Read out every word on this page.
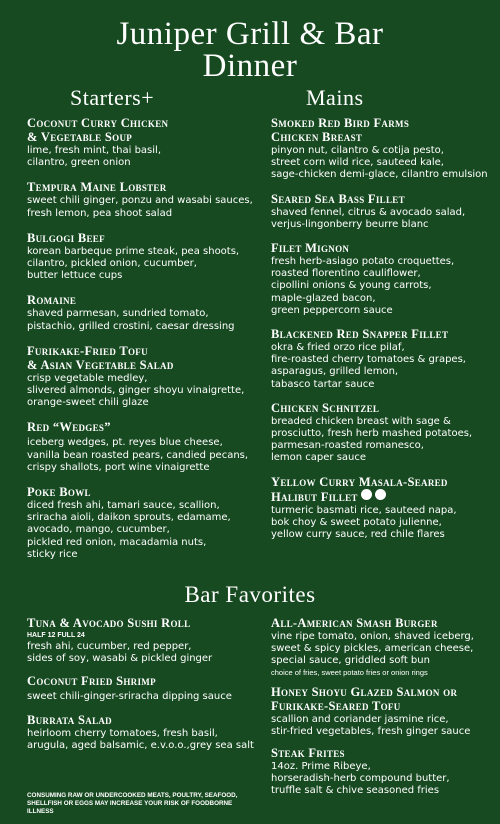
Juniper Grill & Bar
Dinner
Starters+	Mains
Coconut Curry Chicken
& Vegetable Soup
lime, fresh mint, thai basil,
cilantro, green onion
Tempura Maine Lobster
sweet chili ginger, ponzu and wasabi sauces,
fresh lemon, pea shoot salad
Bulgogi Beef
korean barbeque prime steak, pea shoots,
cilantro, pickled onion, cucumber,
butter lettuce cups
Romaine
shaved parmesan, sundried tomato,
pistachio, grilled crostini, caesar dressing
Furikake-Fried Tofu
& Asian Vegetable Salad
crisp vegetable medley,
slivered almonds, ginger shoyu vinaigrette,
orange-sweet chili glaze
Red “Wedges”
iceberg wedges, pt. reyes blue cheese,
vanilla bean roasted pears, candied pecans,
crispy shallots, port wine vinaigrette
Poke Bowl
diced fresh ahi, tamari sauce, scallion,
sriracha aioli, daikon sprouts, edamame,
avocado, mango, cucumber,
pickled red onion, macadamia nuts,
sticky rice
Smoked Red Bird Farms
Chicken Breast
pinyon nut, cilantro & cotija pesto,
street corn wild rice, sauteed kale,
sage-chicken demi-glace, cilantro emulsion
Seared Sea Bass Fillet
shaved fennel, citrus & avocado salad,
verjus-lingonberry beurre blanc
Filet Mignon
fresh herb-asiago potato croquettes,
roasted florentino cauliflower,
cipollini onions & young carrots,
maple-glazed bacon,
green peppercorn sauce
Blackened Red Snapper Fillet
okra & fried orzo rice pilaf,
fire-roasted cherry tomatoes & grapes,
asparagus, grilled lemon,
tabasco tartar sauce
Chicken Schnitzel
breaded chicken breast with sage &
prosciutto, fresh herb mashed potatoes,
parmesan-roasted romanesco,
lemon caper sauce
Yellow Curry Masala-Seared
Halibut Fillet
turmeric basmati rice, sauteed napa,
bok choy & sweet potato julienne,
yellow curry sauce, red chile flares
Bar Favorites
Tuna & Avocado Sushi Roll
HALF 12 FULL 24
fresh ahi, cucumber, red pepper,
sides of soy, wasabi & pickled ginger
Coconut Fried Shrimp
sweet chili-ginger-sriracha dipping sauce
Burrata Salad
heirloom cherry tomatoes, fresh basil,
arugula, aged balsamic, e.v.o.o.,grey sea salt
All-American Smash Burger
vine ripe tomato, onion, shaved iceberg,
sweet & spicy pickles, american cheese,
special sauce, griddled soft bun
choice of fries, sweet potato fries or onion rings
Honey Shoyu Glazed Salmon or
Furikake-Seared Tofu
scallion and coriander jasmine rice,
stir-fried vegetables, fresh ginger sauce
Steak Frites
14oz. Prime Ribeye,
horseradish-herb compound butter,
truffle salt & chive seasoned fries
CONSUMING RAW OR UNDERCOOKED MEATS, POULTRY, SEAFOOD, SHELLFISH OR EGGS MAY INCREASE YOUR RISK OF FOODBORNE ILLNESS
